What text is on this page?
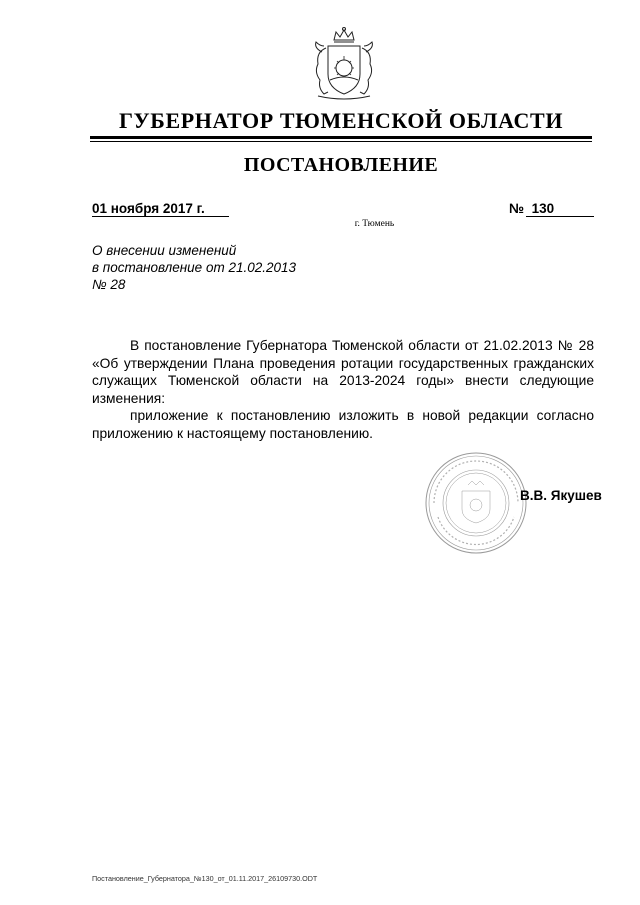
ГУБЕРНАТОР ТЮМЕНСКОЙ ОБЛАСТИ
ПОСТАНОВЛЕНИЕ
01 ноября 2017 г.	№ 130
г. Тюмень
О внесении изменений
в постановление от 21.02.2013
№ 28

В постановление Губернатора Тюменской области от 21.02.2013 № 28 «Об утверждении Плана проведения ротации государственных гражданских служащих Тюменской области на 2013-2024 годы» внести следующие изменения:

приложение к постановлению изложить в новой редакции согласно приложению к настоящему постановлению.

В.В. Якушев
Постановление_Губернатора_№130_от_01.11.2017_26109730.ODT
